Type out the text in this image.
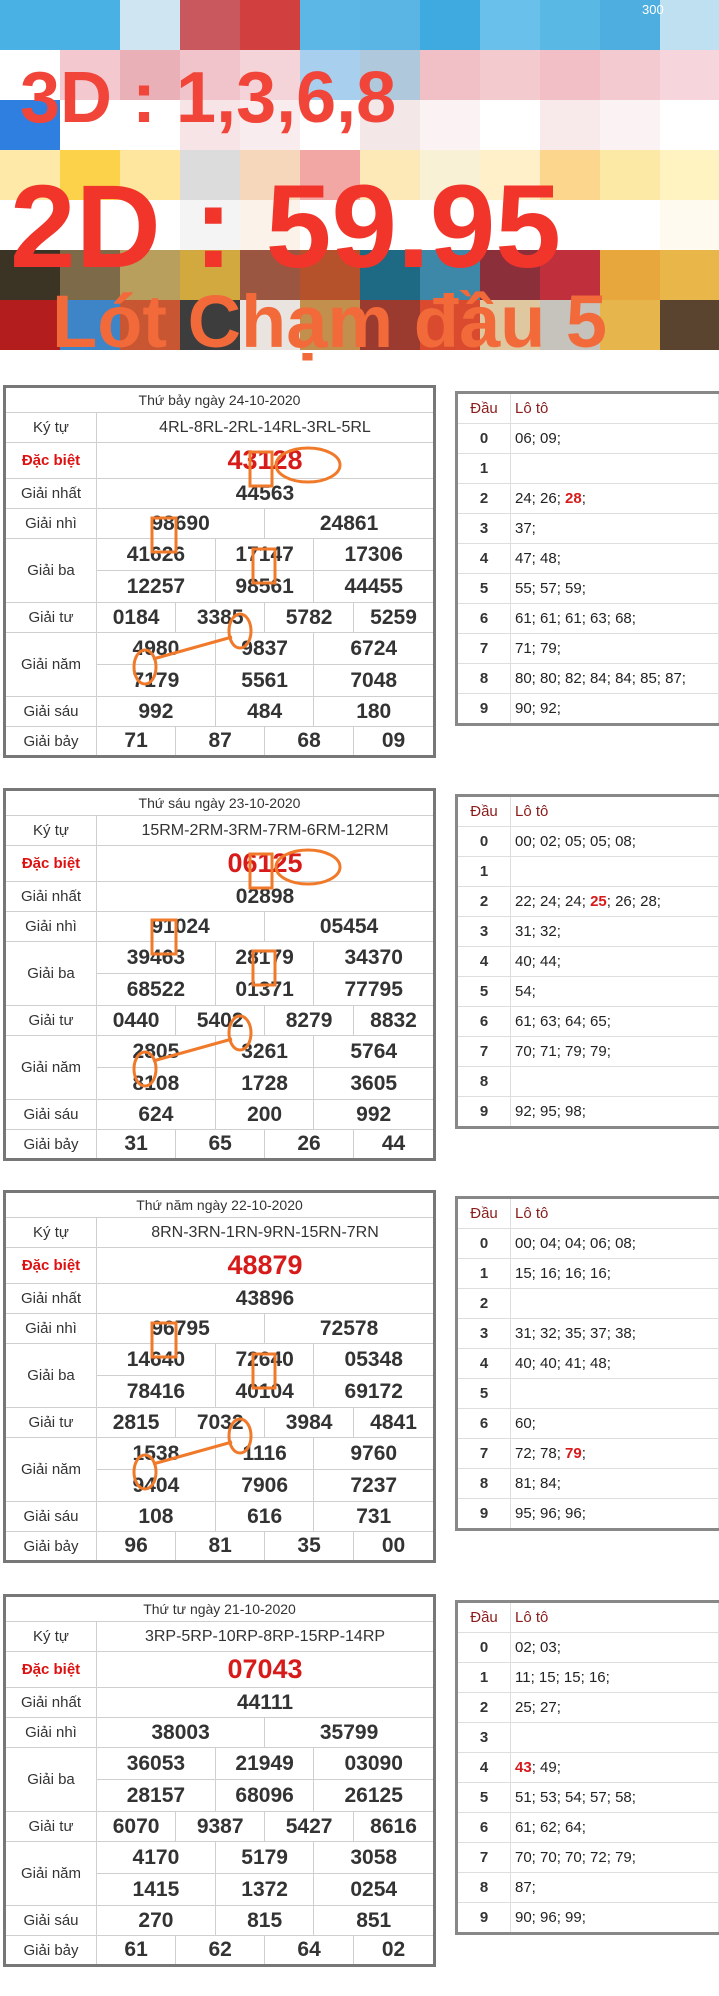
3D : 1,3,6,8
2D : 59.95
Lót Chạm đầu 5
300
Thứ bảy ngày 24-10-2020						
Ký tự	4RL-8RL-2RL-14RL-3RL-5RL					
Đặc biệt	43128					
Giải nhất	44563					
Giải nhì	98690			24861		
Giải ba	41626		17147		17306	
	12257		98561		44455	
Giải tư	0184	3385		5782		5259
Giải năm	4980		9837		6724	
	7179		5561		7048	
Giải sáu	992		484		180	
Giải bảy	71	87		68		09
Đầu	Lô tô
0	06; 09;
1	
2	24; 26; 28;
3	37;
4	47; 48;
5	55; 57; 59;
6	61; 61; 61; 63; 68;
7	71; 79;
8	80; 80; 82; 84; 84; 85; 87;
9	90; 92;
Thứ sáu ngày 23-10-2020						
Ký tự	15RM-2RM-3RM-7RM-6RM-12RM					
Đặc biệt	06125					
Giải nhất	02898					
Giải nhì	91024			05454		
Giải ba	39463		28179		34370	
	68522		01371		77795	
Giải tư	0440	5402		8279		8832
Giải năm	2805		3261		5764	
	8108		1728		3605	
Giải sáu	624		200		992	
Giải bảy	31	65		26		44
Đầu	Lô tô
0	00; 02; 05; 05; 08;
1	
2	22; 24; 24; 25; 26; 28;
3	31; 32;
4	40; 44;
5	54;
6	61; 63; 64; 65;
7	70; 71; 79; 79;
8	
9	92; 95; 98;
Thứ năm ngày 22-10-2020						
Ký tự	8RN-3RN-1RN-9RN-15RN-7RN					
Đặc biệt	48879					
Giải nhất	43896					
Giải nhì	96795			72578		
Giải ba	14640		72640		05348	
	78416		40104		69172	
Giải tư	2815	7032		3984		4841
Giải năm	1538		1116		9760	
	9404		7906		7237	
Giải sáu	108		616		731	
Giải bảy	96	81		35		00
Đầu	Lô tô
0	00; 04; 04; 06; 08;
1	15; 16; 16; 16;
2	
3	31; 32; 35; 37; 38;
4	40; 40; 41; 48;
5	
6	60;
7	72; 78; 79;
8	81; 84;
9	95; 96; 96;
Thứ tư ngày 21-10-2020						
Ký tự	3RP-5RP-10RP-8RP-15RP-14RP					
Đặc biệt	07043					
Giải nhất	44111					
Giải nhì	38003			35799		
Giải ba	36053		21949		03090	
	28157		68096		26125	
Giải tư	6070	9387		5427		8616
Giải năm	4170		5179		3058	
	1415		1372		0254	
Giải sáu	270		815		851	
Giải bảy	61	62		64		02
Đầu	Lô tô
0	02; 03;
1	11; 15; 15; 16;
2	25; 27;
3	
4	43; 49;
5	51; 53; 54; 57; 58;
6	61; 62; 64;
7	70; 70; 70; 72; 79;
8	87;
9	90; 96; 99;
